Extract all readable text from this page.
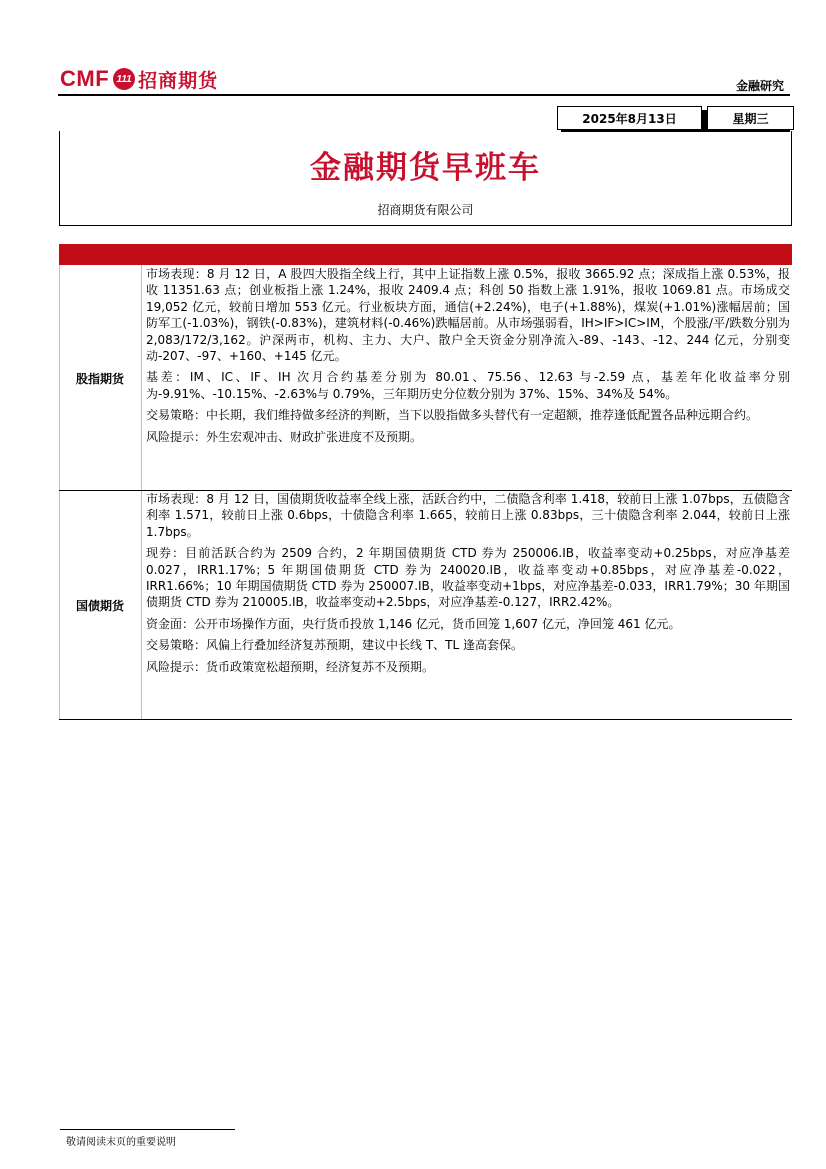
CMF 111 招商期货	金融研究
2025年8月13日	星期三
金融期货早班车
招商期货有限公司
股指期货

市场表现：8 月 12 日，A 股四大股指全线上行，其中上证指数上涨 0.5%，报收 3665.92 点；深成指上涨 0.53%，报收 11351.63 点；创业板指上涨 1.24%，报收 2409.4 点；科创 50 指数上涨 1.91%，报收 1069.81 点。市场成交 19,052 亿元，较前日增加 553 亿元。行业板块方面，通信(+2.24%)，电子(+1.88%)，煤炭(+1.01%)涨幅居前；国防军工(-1.03%)，钢铁(-0.83%)，建筑材料(-0.46%)跌幅居前。从市场强弱看，IH>IF>IC>IM，个股涨/平/跌数分别为 2,083/172/3,162。沪深两市，机构、主力、大户、散户全天资金分别净流入-89、-143、-12、244 亿元，分别变动-207、-97、+160、+145 亿元。

基差：IM、IC、IF、IH 次月合约基差分别为 80.01、75.56、12.63 与-2.59 点，基差年化收益率分别为-9.91%、-10.15%、-2.63%与 0.79%，三年期历史分位数分别为 37%、15%、34%及 54%。

交易策略：中长期，我们维持做多经济的判断，当下以股指做多头替代有一定超额，推荐逢低配置各品种远期合约。

风险提示：外生宏观冲击、财政扩张进度不及预期。

国债期货

市场表现：8 月 12 日，国债期货收益率全线上涨，活跃合约中，二债隐含利率 1.418，较前日上涨 1.07bps，五债隐含利率 1.571，较前日上涨 0.6bps，十债隐含利率 1.665，较前日上涨 0.83bps，三十债隐含利率 2.044，较前日上涨 1.7bps。

现券：目前活跃合约为 2509 合约，2 年期国债期货 CTD 券为 250006.IB，收益率变动+0.25bps，对应净基差 0.027，IRR1.17%；5 年期国债期货 CTD 券为 240020.IB，收益率变动+0.85bps，对应净基差-0.022，IRR1.66%；10 年期国债期货 CTD 券为 250007.IB，收益率变动+1bps，对应净基差-0.033，IRR1.79%；30 年期国债期货 CTD 券为 210005.IB，收益率变动+2.5bps，对应净基差-0.127，IRR2.42%。

资金面：公开市场操作方面，央行货币投放 1,146 亿元，货币回笼 1,607 亿元，净回笼 461 亿元。

交易策略：风偏上行叠加经济复苏预期，建议中长线 T、TL 逢高套保。

风险提示：货币政策宽松超预期，经济复苏不及预期。

敬请阅读末页的重要说明
